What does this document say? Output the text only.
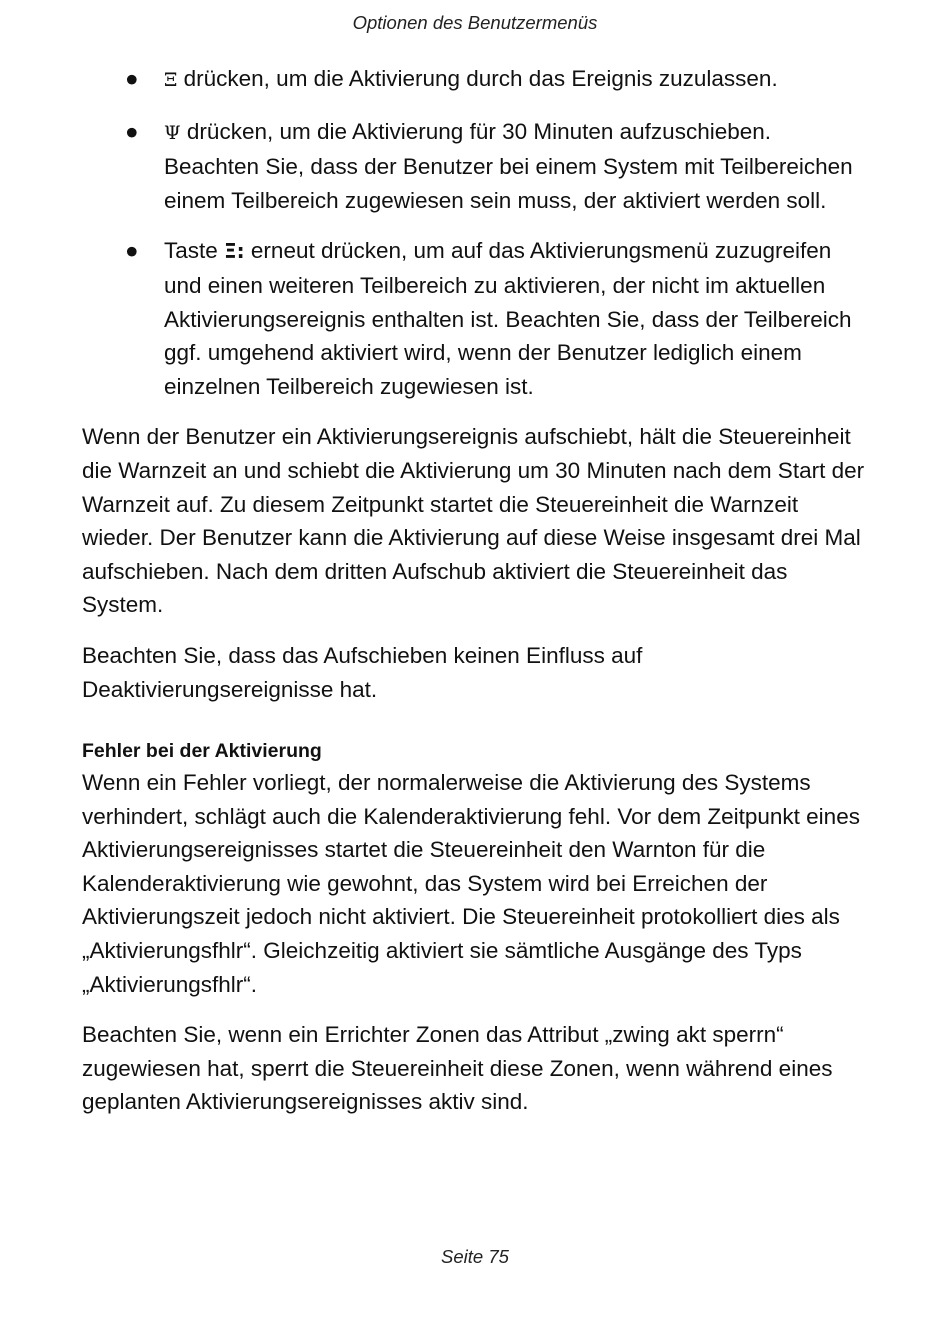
Optionen des Benutzermenüs
● Ξ drücken, um die Aktivierung durch das Ereignis zuzulassen.
● Ψ drücken, um die Aktivierung für 30 Minuten aufzuschieben. Beachten Sie, dass der Benutzer bei einem System mit Teilbereichen einem Teilbereich zugewiesen sein muss, der aktiviert werden soll.
● Taste Ξ: erneut drücken, um auf das Aktivierungsmenü zuzugreifen und einen weiteren Teilbereich zu aktivieren, der nicht im aktuellen Aktivierungsereignis enthalten ist. Beachten Sie, dass der Teilbereich ggf. umgehend aktiviert wird, wenn der Benutzer lediglich einem einzelnen Teilbereich zugewiesen ist.

Wenn der Benutzer ein Aktivierungsereignis aufschiebt, hält die Steuereinheit die Warnzeit an und schiebt die Aktivierung um 30 Minuten nach dem Start der Warnzeit auf. Zu diesem Zeitpunkt startet die Steuereinheit die Warnzeit wieder. Der Benutzer kann die Aktivierung auf diese Weise insgesamt drei Mal aufschieben. Nach dem dritten Aufschub aktiviert die Steuereinheit das System.

Beachten Sie, dass das Aufschieben keinen Einfluss auf Deaktivierungsereignisse hat.

Fehler bei der Aktivierung

Wenn ein Fehler vorliegt, der normalerweise die Aktivierung des Systems verhindert, schlägt auch die Kalenderaktivierung fehl. Vor dem Zeitpunkt eines Aktivierungsereignisses startet die Steuereinheit den Warnton für die Kalenderaktivierung wie gewohnt, das System wird bei Erreichen der Aktivierungszeit jedoch nicht aktiviert. Die Steuereinheit protokolliert dies als „Aktivierungsfhlr“. Gleichzeitig aktiviert sie sämtliche Ausgänge des Typs „Aktivierungsfhlr“.

Beachten Sie, wenn ein Errichter Zonen das Attribut „zwing akt sperrn“ zugewiesen hat, sperrt die Steuereinheit diese Zonen, wenn während eines geplanten Aktivierungsereignisses aktiv sind.

Seite 75
